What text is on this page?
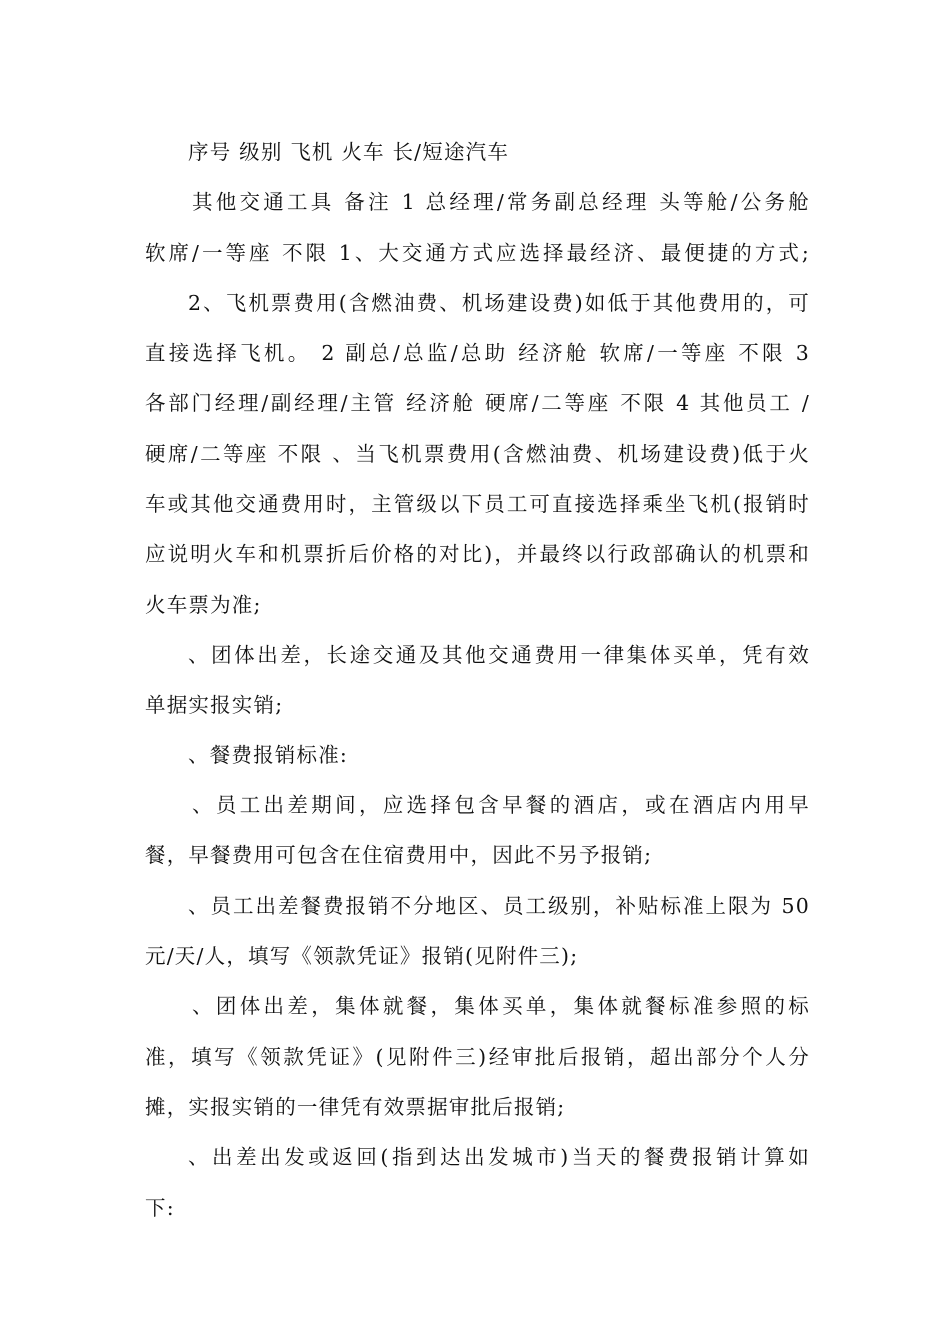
序号 级别 飞机 火车 长/短途汽车
其他交通工具 备注 1 总经理/常务副总经理 头等舱/公务舱
软席/一等座 不限 1、大交通方式应选择最经济、最便捷的方式;
2、飞机票费用(含燃油费、机场建设费)如低于其他费用的，可
直接选择飞机。 2 副总/总监/总助 经济舱 软席/一等座 不限 3
各部门经理/副经理/主管 经济舱 硬席/二等座 不限 4 其他员工 /
硬席/二等座 不限 、当飞机票费用(含燃油费、机场建设费)低于火
车或其他交通费用时，主管级以下员工可直接选择乘坐飞机(报销时
应说明火车和机票折后价格的对比)，并最终以行政部确认的机票和
火车票为准;
、团体出差，长途交通及其他交通费用一律集体买单，凭有效
单据实报实销;
、餐费报销标准:
、员工出差期间，应选择包含早餐的酒店，或在酒店内用早
餐，早餐费用可包含在住宿费用中，因此不另予报销;
、员工出差餐费报销不分地区、员工级别，补贴标准上限为 50
元/天/人，填写《领款凭证》报销(见附件三);
、团体出差，集体就餐，集体买单，集体就餐标准参照的标
准，填写《领款凭证》(见附件三)经审批后报销，超出部分个人分
摊，实报实销的一律凭有效票据审批后报销;
、出差出发或返回(指到达出发城市)当天的餐费报销计算如
下:
